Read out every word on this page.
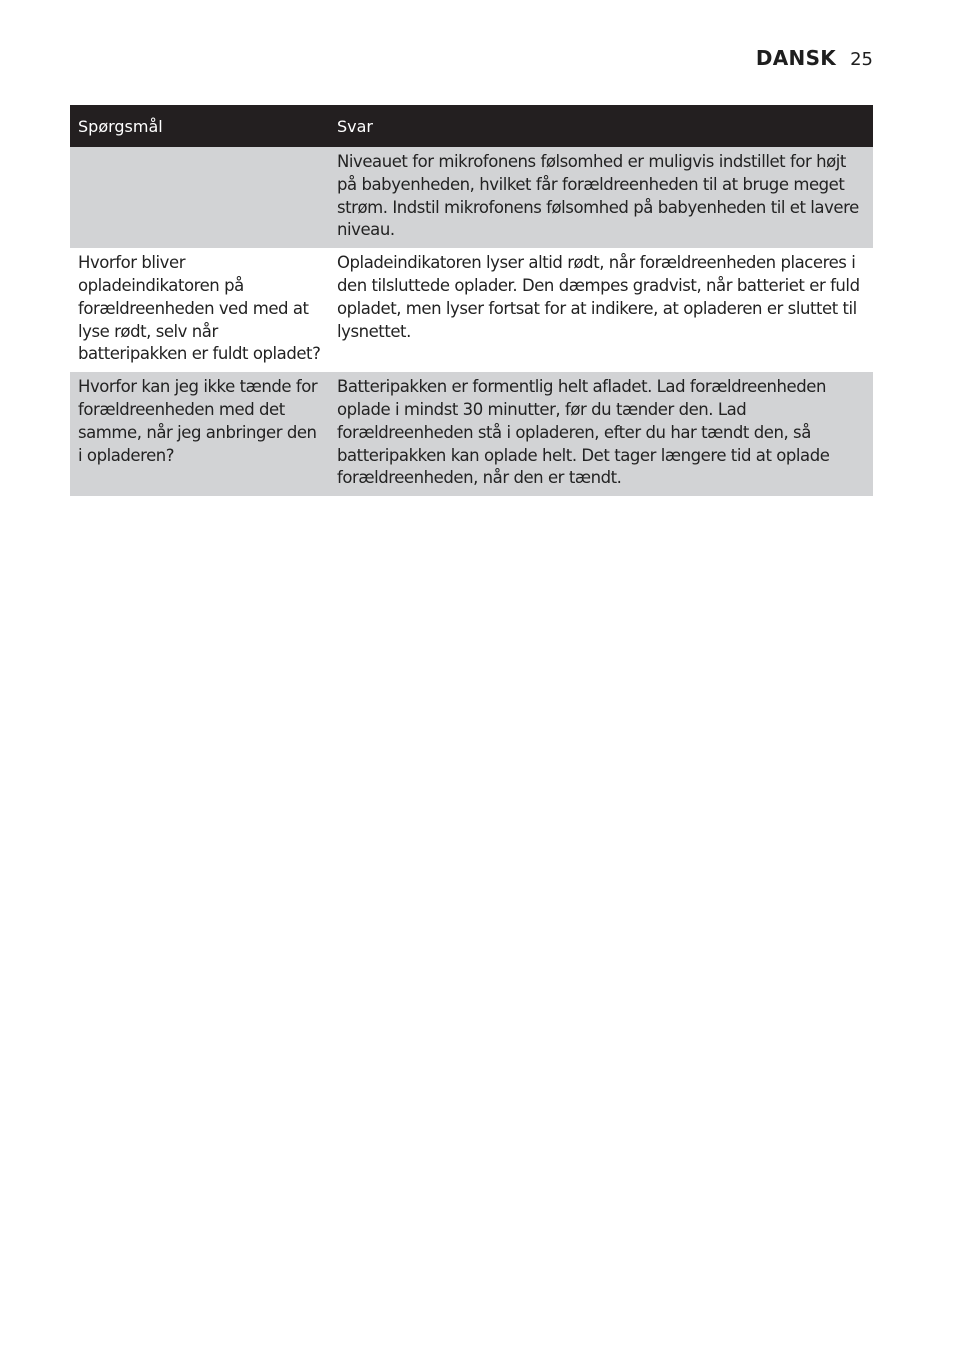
DANSK 25
Spørgsmål	Svar
	Niveauet for mikrofonens følsomhed er muligvis indstillet for højt på babyenheden, hvilket får forældreenheden til at bruge meget strøm. Indstil mikrofonens følsomhed på babyenheden til et lavere niveau.
Hvorfor bliver opladeindikatoren på forældreenheden ved med at lyse rødt, selv når batteripakken er fuldt opladet?	Opladeindikatoren lyser altid rødt, når forældreenheden placeres i den tilsluttede oplader. Den dæmpes gradvist, når batteriet er fuld opladet, men lyser fortsat for at indikere, at opladeren er sluttet til lysnettet.
Hvorfor kan jeg ikke tænde for forældreenheden med det samme, når jeg anbringer den i opladeren?	Batteripakken er formentlig helt afladet. Lad forældreenheden oplade i mindst 30 minutter, før du tænder den. Lad forældreenheden stå i opladeren, efter du har tændt den, så batteripakken kan oplade helt. Det tager længere tid at oplade forældreenheden, når den er tændt.
